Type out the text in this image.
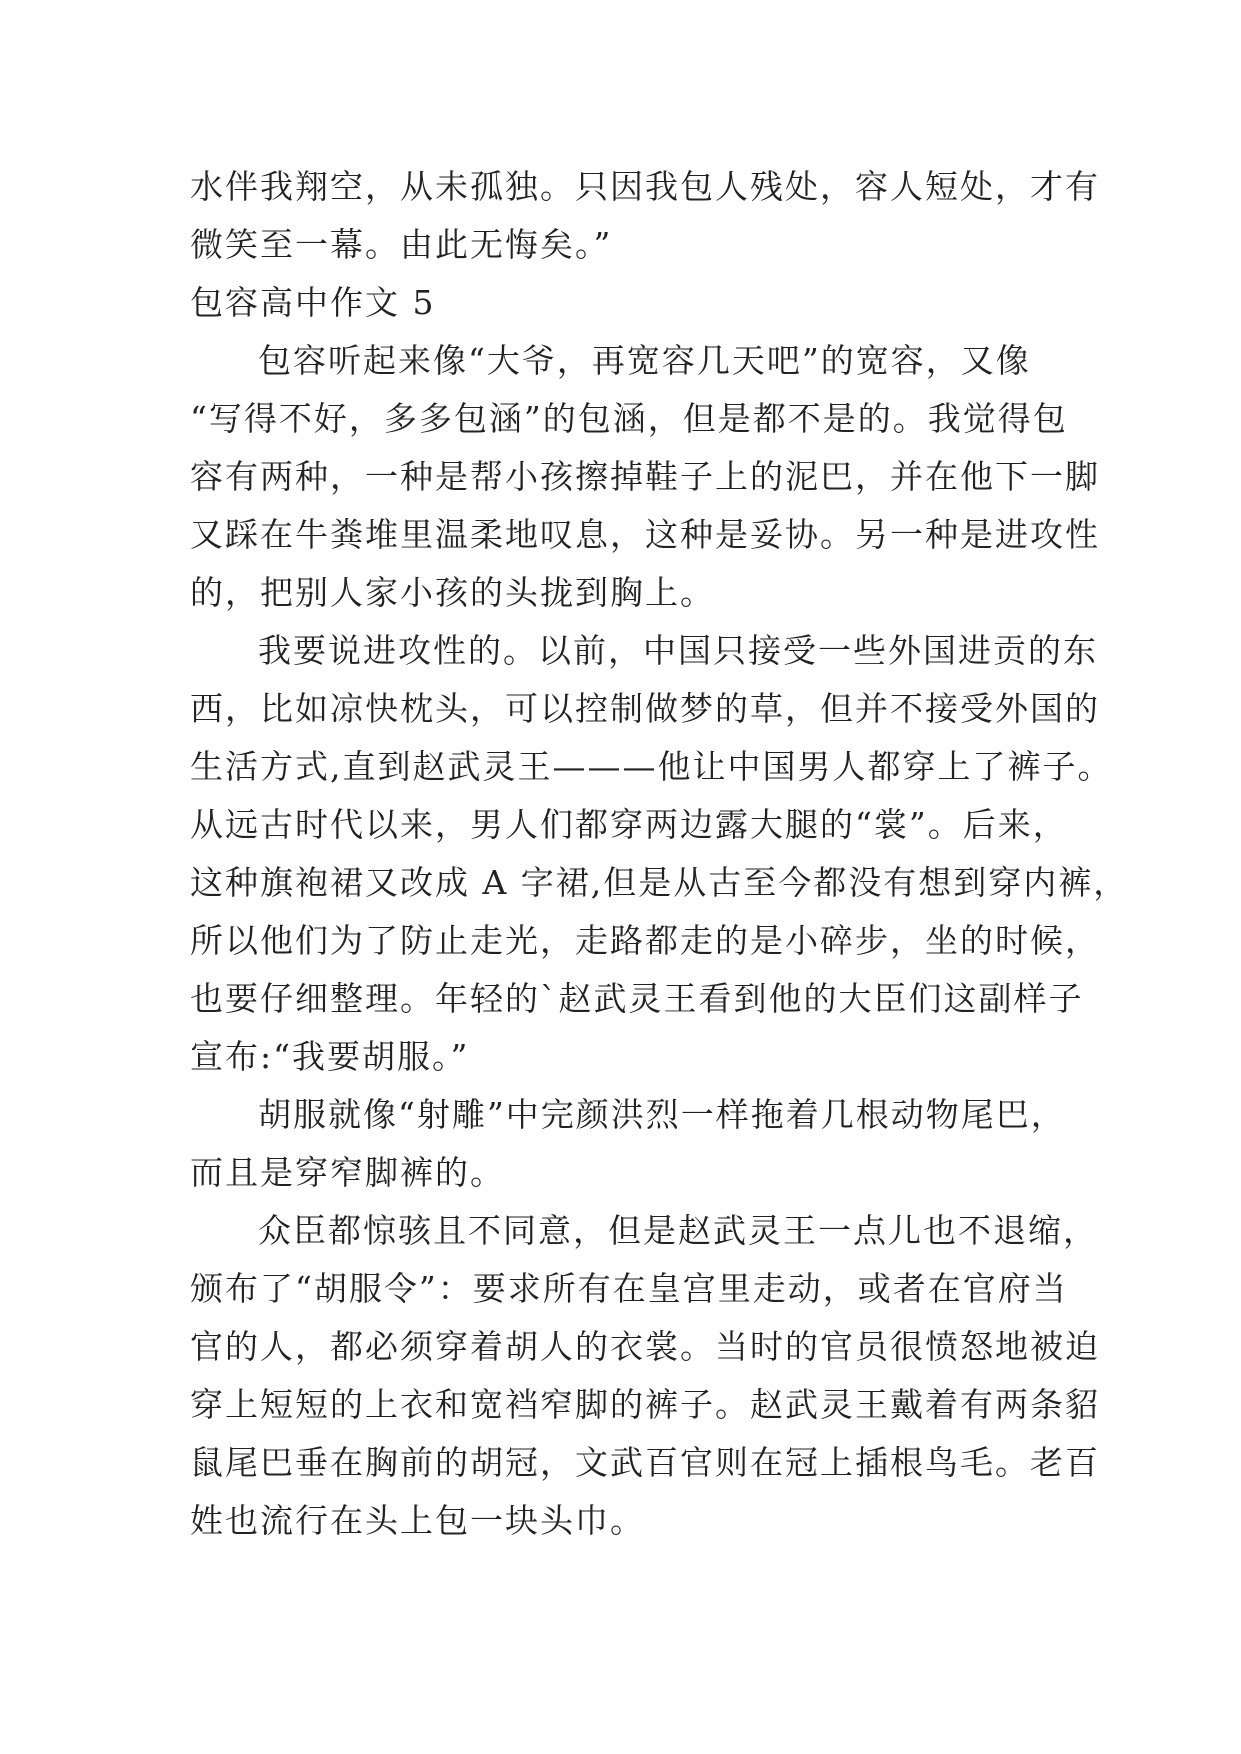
水伴我翔空，从未孤独。只因我包人残处，容人短处，才有
微笑至一幕。由此无悔矣。”
包容高中作文 5
包容听起来像“大爷，再宽容几天吧”的宽容，又像
“写得不好，多多包涵”的包涵，但是都不是的。我觉得包
容有两种，一种是帮小孩擦掉鞋子上的泥巴，并在他下一脚
又踩在牛粪堆里温柔地叹息，这种是妥协。另一种是进攻性
的，把别人家小孩的头拢到胸上。
我要说进攻性的。以前，中国只接受一些外国进贡的东
西，比如凉快枕头，可以控制做梦的草，但并不接受外国的
生活方式,直到赵武灵王———他让中国男人都穿上了裤子。
从远古时代以来，男人们都穿两边露大腿的“裳”。后来，
这种旗袍裙又改成 A 字裙,但是从古至今都没有想到穿内裤，
所以他们为了防止走光，走路都走的是小碎步，坐的时候，
也要仔细整理。年轻的`赵武灵王看到他的大臣们这副样子
宣布:“我要胡服。”
胡服就像“射雕”中完颜洪烈一样拖着几根动物尾巴，
而且是穿窄脚裤的。
众臣都惊骇且不同意，但是赵武灵王一点儿也不退缩，
颁布了“胡服令”：要求所有在皇宫里走动，或者在官府当
官的人，都必须穿着胡人的衣裳。当时的官员很愤怒地被迫
穿上短短的上衣和宽裆窄脚的裤子。赵武灵王戴着有两条貂
鼠尾巴垂在胸前的胡冠，文武百官则在冠上插根鸟毛。老百
姓也流行在头上包一块头巾。
